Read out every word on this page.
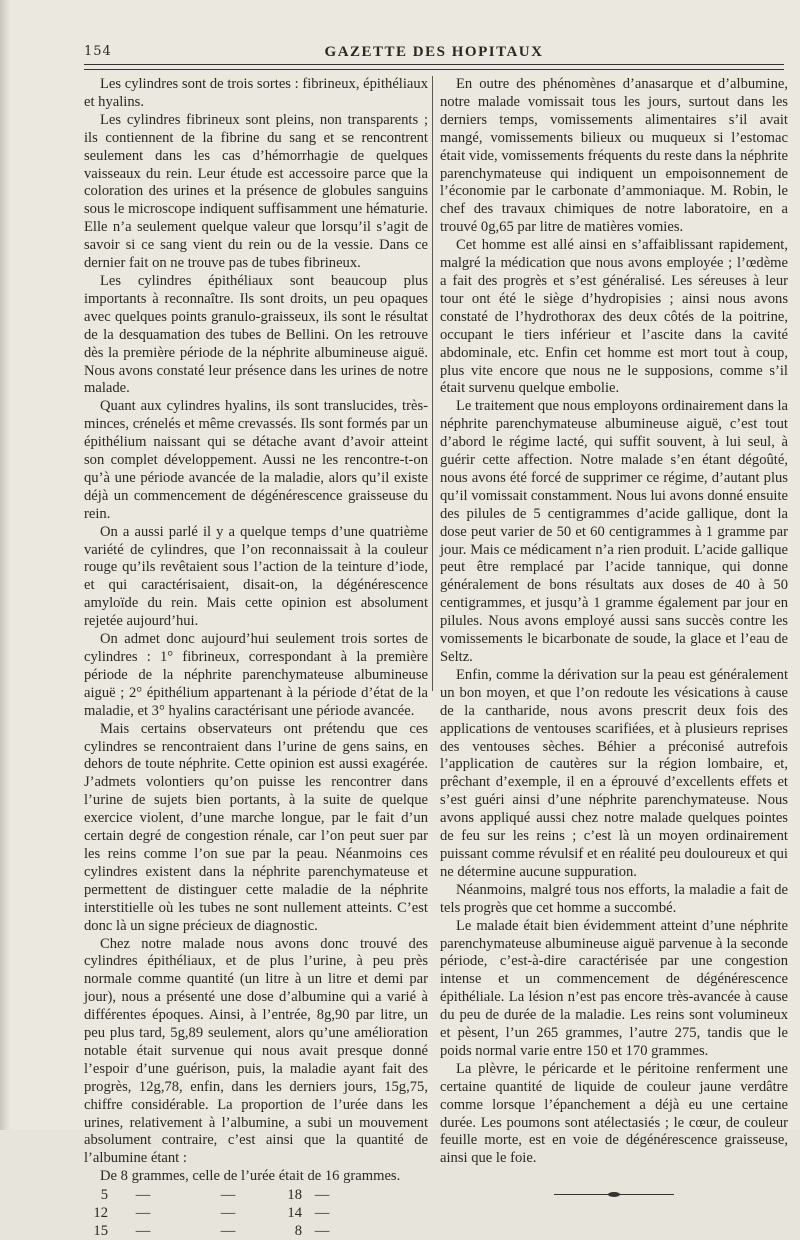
154	GAZETTE DES HOPITAUX

Les cylindres sont de trois sortes : fibrineux, épithéliaux et hyalins.

Les cylindres fibrineux sont pleins, non transparents ; ils contiennent de la fibrine du sang et se rencontrent seulement dans les cas d’hémorrhagie de quelques vaisseaux du rein. Leur étude est accessoire parce que la coloration des urines et la présence de globules sanguins sous le microscope indiquent suffisamment une hématurie. Elle n’a seulement quelque valeur que lorsqu’il s’agit de savoir si ce sang vient du rein ou de la vessie. Dans ce dernier fait on ne trouve pas de tubes fibrineux.

Les cylindres épithéliaux sont beaucoup plus importants à reconnaître. Ils sont droits, un peu opaques avec quelques points granulo-graisseux, ils sont le résultat de la desquamation des tubes de Bellini. On les retrouve dès la première période de la néphrite albumineuse aiguë. Nous avons constaté leur présence dans les urines de notre malade.

Quant aux cylindres hyalins, ils sont translucides, très-minces, crénelés et même crevassés. Ils sont formés par un épithélium naissant qui se détache avant d’avoir atteint son complet développement. Aussi ne les rencontre-t-on qu’à une période avancée de la maladie, alors qu’il existe déjà un commencement de dégénérescence graisseuse du rein.

On a aussi parlé il y a quelque temps d’une quatrième variété de cylindres, que l’on reconnaissait à la couleur rouge qu’ils revêtaient sous l’action de la teinture d’iode, et qui caractérisaient, disait-on, la dégénérescence amyloïde du rein. Mais cette opinion est absolument rejetée aujourd’hui.

On admet donc aujourd’hui seulement trois sortes de cylindres : 1° fibrineux, correspondant à la première période de la néphrite parenchymateuse albumineuse aiguë ; 2° épithélium appartenant à la période d’état de la maladie, et 3° hyalins caractérisant une période avancée.

Mais certains observateurs ont prétendu que ces cylindres se rencontraient dans l’urine de gens sains, en dehors de toute néphrite. Cette opinion est aussi exagérée. J’admets volontiers qu’on puisse les rencontrer dans l’urine de sujets bien portants, à la suite de quelque exercice violent, d’une marche longue, par le fait d’un certain degré de congestion rénale, car l’on peut suer par les reins comme l’on sue par la peau. Néanmoins ces cylindres existent dans la néphrite parenchymateuse et permettent de distinguer cette maladie de la néphrite interstitielle où les tubes ne sont nullement atteints. C’est donc là un signe précieux de diagnostic.

Chez notre malade nous avons donc trouvé des cylindres épithéliaux, et de plus l’urine, à peu près normale comme quantité (un litre à un litre et demi par jour), nous a présenté une dose d’albumine qui a varié à différentes époques. Ainsi, à l’entrée, 8g,90 par litre, un peu plus tard, 5g,89 seulement, alors qu’une amélioration notable était survenue qui nous avait presque donné l’espoir d’une guérison, puis, la maladie ayant fait des progrès, 12g,78, enfin, dans les derniers jours, 15g,75, chiffre considérable. La proportion de l’urée dans les urines, relativement à l’albumine, a subi un mouvement absolument contraire, c’est ainsi que la quantité de l’albumine étant :

De 8 grammes, celle de l’urée était de 16 grammes.

5	—	—	18 —
12	—	—	14 —
15	—	—	8 —

En outre des phénomènes d’anasarque et d’albumine, notre malade vomissait tous les jours, surtout dans les derniers temps, vomissements alimentaires s’il avait mangé, vomissements bilieux ou muqueux si l’estomac était vide, vomissements fréquents du reste dans la néphrite parenchymateuse qui indiquent un empoisonnement de l’économie par le carbonate d’ammoniaque. M. Robin, le chef des travaux chimiques de notre laboratoire, en a trouvé 0g,65 par litre de matières vomies.

Cet homme est allé ainsi en s’affaiblissant rapidement, malgré la médication que nous avons employée ; l’œdème a fait des progrès et s’est généralisé. Les séreuses à leur tour ont été le siège d’hydropisies ; ainsi nous avons constaté de l’hydrothorax des deux côtés de la poitrine, occupant le tiers inférieur et l’ascite dans la cavité abdominale, etc. Enfin cet homme est mort tout à coup, plus vite encore que nous ne le supposions, comme s’il était survenu quelque embolie.

Le traitement que nous employons ordinairement dans la néphrite parenchymateuse albumineuse aiguë, c’est tout d’abord le régime lacté, qui suffit souvent, à lui seul, à guérir cette affection. Notre malade s’en étant dégoûté, nous avons été forcé de supprimer ce régime, d’autant plus qu’il vomissait constamment. Nous lui avons donné ensuite des pilules de 5 centigrammes d’acide gallique, dont la dose peut varier de 50 et 60 centigrammes à 1 gramme par jour. Mais ce médicament n’a rien produit. L’acide gallique peut être remplacé par l’acide tannique, qui donne généralement de bons résultats aux doses de 40 à 50 centigrammes, et jusqu’à 1 gramme également par jour en pilules. Nous avons employé aussi sans succès contre les vomissements le bicarbonate de soude, la glace et l’eau de Seltz.

Enfin, comme la dérivation sur la peau est généralement un bon moyen, et que l’on redoute les vésications à cause de la cantharide, nous avons prescrit deux fois des applications de ventouses scarifiées, et à plusieurs reprises des ventouses sèches. Béhier a préconisé autrefois l’application de cautères sur la région lombaire, et, prêchant d’exemple, il en a éprouvé d’excellents effets et s’est guéri ainsi d’une néphrite parenchymateuse. Nous avons appliqué aussi chez notre malade quelques pointes de feu sur les reins ; c’est là un moyen ordinairement puissant comme révulsif et en réalité peu douloureux et qui ne détermine aucune suppuration.

Néanmoins, malgré tous nos efforts, la maladie a fait de tels progrès que cet homme a succombé.

Le malade était bien évidemment atteint d’une néphrite parenchymateuse albumineuse aiguë parvenue à la seconde période, c’est-à-dire caractérisée par une congestion intense et un commencement de dégénérescence épithéliale. La lésion n’est pas encore très-avancée à cause du peu de durée de la maladie. Les reins sont volumineux et pèsent, l’un 265 grammes, l’autre 275, tandis que le poids normal varie entre 150 et 170 grammes.

La plèvre, le péricarde et le péritoine renferment une certaine quantité de liquide de couleur jaune verdâtre comme lorsque l’épanchement a déjà eu une certaine durée. Les poumons sont atélectasiés ; le cœur, de couleur feuille morte, est en voie de dégénérescence graisseuse, ainsi que le foie.
